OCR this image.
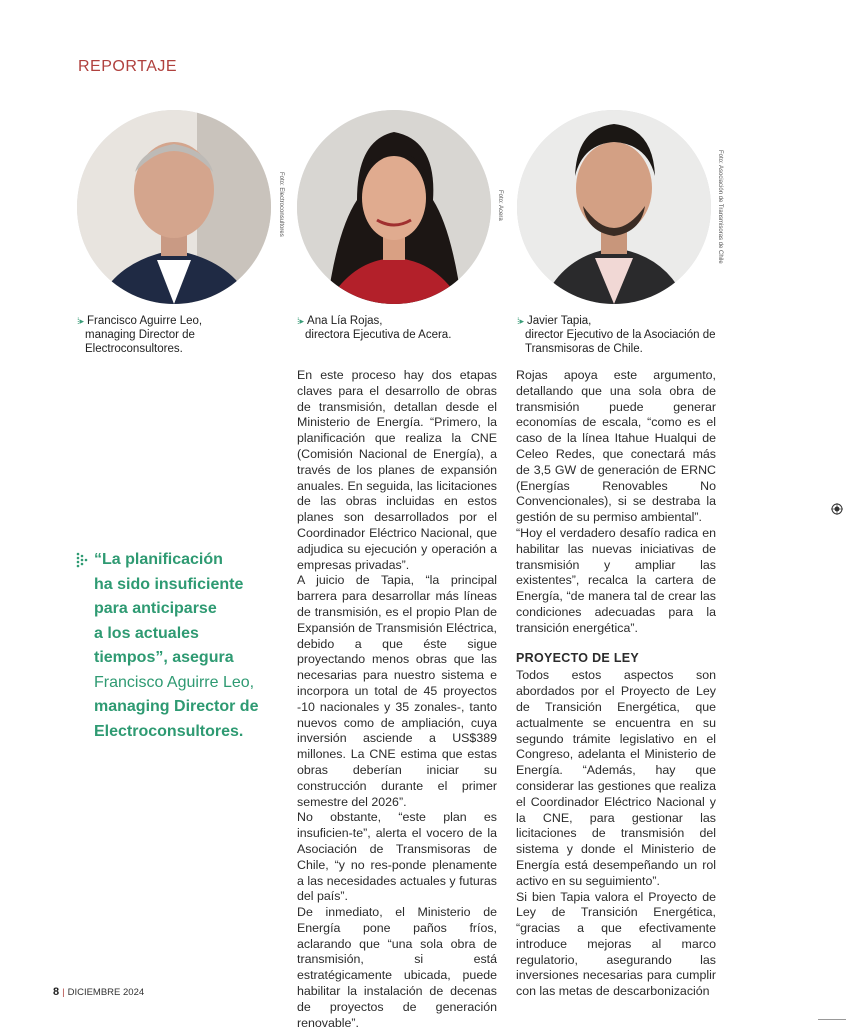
REPORTAJE
Foto: Electroconsultores	Foto: Acera	Foto: Asociación de Transmisoras de Chile
⁞▸ Francisco Aguirre Leo,
managing Director de Electroconsultores.
⁞▸ Ana Lía Rojas,
directora Ejecutiva de Acera.
⁞▸ Javier Tapia,
director Ejecutivo de la Asociación de
Transmisoras de Chile.
“La planificación
ha sido insuficiente
para anticiparse
a los actuales
tiempos”, asegura
Francisco Aguirre Leo,
managing Director de
Electroconsultores.

En este proceso hay dos etapas claves para el desarrollo de obras de transmisión, detallan desde el Ministerio de Energía. “Primero, la planificación que realiza la CNE (Comisión Nacional de Energía), a través de los planes de expansión anuales. En seguida, las licitaciones de las obras incluidas en estos planes son desarrollados por el Coordinador Eléctrico Nacional, que adjudica su ejecución y operación a empresas privadas”.

A juicio de Tapia, “la principal barrera para desarrollar más líneas de transmisión, es el propio Plan de Expansión de Transmisión Eléctrica, debido a que éste sigue proyectando menos obras que las necesarias para nuestro sistema e incorpora un total de 45 proyectos -10 nacionales y 35 zonales-, tanto nuevos como de ampliación, cuya inversión asciende a US$389 millones. La CNE estima que estas obras deberían iniciar su construcción durante el primer semestre del 2026”.

No obstante, “este plan es insuficien-te”, alerta el vocero de la Asociación de Transmisoras de Chile, “y no res-ponde plenamente a las necesidades actuales y futuras del país”.

De inmediato, el Ministerio de Energía pone paños fríos, aclarando que “una sola obra de transmisión, si está estratégicamente ubicada, puede habilitar la instalación de decenas de proyectos de generación renovable”.

Rojas apoya este argumento, detallando que una sola obra de transmisión puede generar economías de escala, “como es el caso de la línea Itahue Hualqui de Celeo Redes, que conectará más de 3,5 GW de generación de ERNC (Energías Renovables No Convencionales), si se destraba la gestión de su permiso ambiental”.

“Hoy el verdadero desafío radica en habilitar las nuevas iniciativas de transmisión y ampliar las existentes”, recalca la cartera de Energía, “de manera tal de crear las condiciones adecuadas para la transición energética”.

PROYECTO DE LEY

Todos estos aspectos son abordados por el Proyecto de Ley de Transición Energética, que actualmente se encuentra en su segundo trámite legislativo en el Congreso, adelanta el Ministerio de Energía. “Además, hay que considerar las gestiones que realiza el Coordinador Eléctrico Nacional y la CNE, para gestionar las licitaciones de transmisión del sistema y donde el Ministerio de Energía está desempeñando un rol activo en su seguimiento”.

Si bien Tapia valora el Proyecto de Ley de Transición Energética, “gracias a que efectivamente introduce mejoras al marco regulatorio, asegurando las inversiones necesarias para cumplir con las metas de descarbonización

8 | DICIEMBRE 2024
